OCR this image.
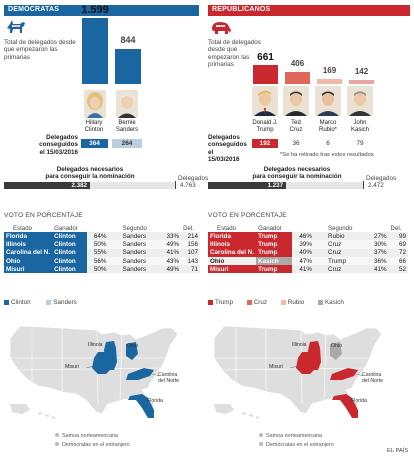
DEMÓCRATAS
Total de delegados desde que empezaron las primarias
1.599
844
Hillary
Clinton
Bernie
Sanders
Delegados
conseguidos
el 15/03/2016
364	264
Delegados necesarios
para conseguir la nominación
2.382
Delegados
4.763
VOTO EN PORCENTAJE
Estado	Ganador		Segundo		Del.
Florida	Clinton	64%	Sanders	33%	214
Illinois	Clinton	50%	Sanders	49%	156
Carolina del N.	Clinton	55%	Sanders	41%	107
Ohio	Clinton	56%	Sanders	43%	143
Misuri	Clinton	50%	Sanders	49%	71
Clinton	Sanders
Illinois	Ohio
Misuri
Carolina
del Norte
Florida
Samoa norteamericana
Demócratas en el extranjero
REPUBLICANOS
Total de delegados desde que empezaron las primarias
661
406
169	142
Donald J.
Trump
Ted
Cruz
Marco
Rubio*
John
Kasich
Delegados
conseguidos
el 15/03/2016
192	36	6	79
*Se ha retirado tras estos resultados
Delegados necesarios
para conseguir la nominación
1.237
Delegados
2.472
VOTO EN PORCENTAJE
Estado	Ganador		Segundo		Del.
Florida	Trump	46%	Rubio	27%	99
Illinois	Trump	39%	Cruz	30%	69
Carolina del N.	Trump	40%	Cruz	37%	72
Ohio	Kasich	47%	Trump	36%	66
Misuri	Trump	41%	Cruz	41%	52
Trump	Cruz	Rubio	Kasich
Illinois	Ohio
Misuri
Carolina
del Norte
Florida
Samoa norteamericana
Demócratas en el extranjero
EL PAÍS
